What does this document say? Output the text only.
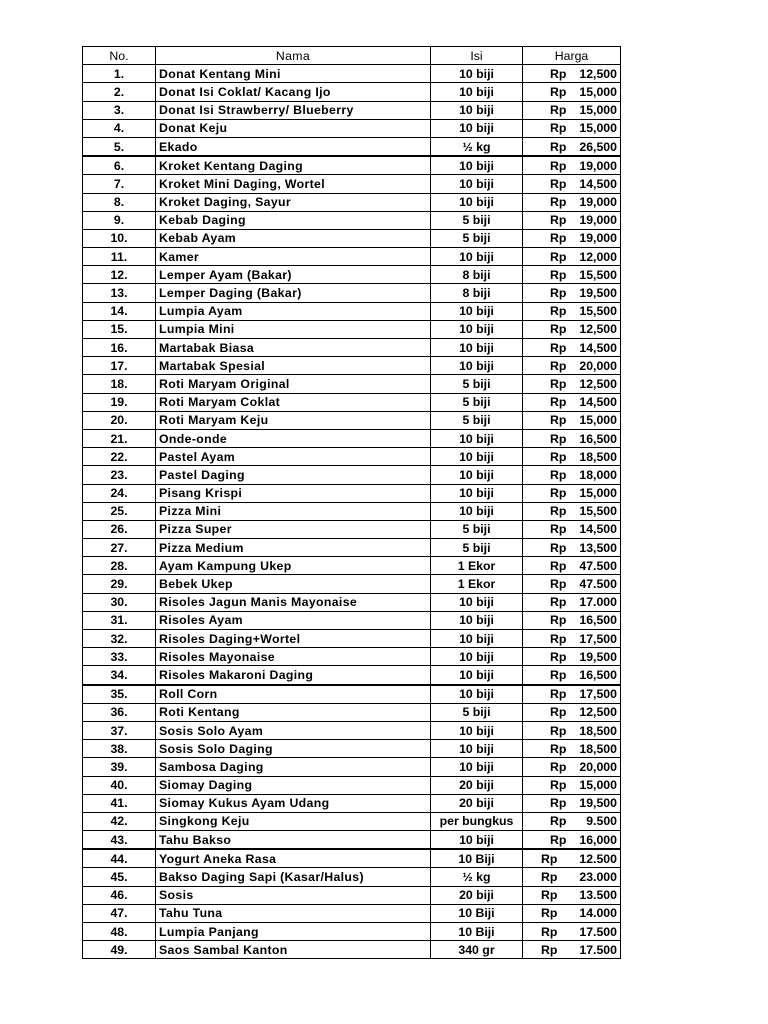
No.	Nama	Isi	Harga
1.	Donat Kentang Mini	10 biji	Rp 12,500

2.	Donat Isi Coklat/ Kacang Ijo	10 biji	Rp 15,000

3.	Donat Isi Strawberry/ Blueberry	10 biji	Rp 15,000

4.	Donat Keju	10 biji	Rp 15,000

5.	Ekado	½ kg	Rp 26,500

6.	Kroket Kentang Daging	10 biji	Rp 19,000

7.	Kroket Mini Daging, Wortel	10 biji	Rp 14,500

8.	Kroket Daging, Sayur	10 biji	Rp 19,000

9.	Kebab Daging	5 biji	Rp 19,000

10.	Kebab Ayam	5 biji	Rp 19,000

11.	Kamer	10 biji	Rp 12,000

12.	Lemper Ayam (Bakar)	8 biji	Rp 15,500

13.	Lemper Daging (Bakar)	8 biji	Rp 19,500

14.	Lumpia Ayam	10 biji	Rp 15,500

15.	Lumpia Mini	10 biji	Rp 12,500

16.	Martabak Biasa	10 biji	Rp 14,500

17.	Martabak Spesial	10 biji	Rp 20,000

18.	Roti Maryam Original	5 biji	Rp 12,500

19.	Roti Maryam Coklat	5 biji	Rp 14,500

20.	Roti Maryam Keju	5 biji	Rp 15,000

21.	Onde-onde	10 biji	Rp 16,500

22.	Pastel Ayam	10 biji	Rp 18,500

23.	Pastel Daging	10 biji	Rp 18,000

24.	Pisang Krispi	10 biji	Rp 15,000

25.	Pizza Mini	10 biji	Rp 15,500

26.	Pizza Super	5 biji	Rp 14,500

27.	Pizza Medium	5 biji	Rp 13,500

28.	Ayam Kampung Ukep	1 Ekor	Rp 47.500

29.	Bebek Ukep	1 Ekor	Rp 47.500

30.	Risoles Jagun Manis Mayonaise	10 biji	Rp 17.000

31.	Risoles Ayam	10 biji	Rp 16,500

32.	Risoles Daging+Wortel	10 biji	Rp 17,500

33.	Risoles Mayonaise	10 biji	Rp 19,500

34.	Risoles Makaroni Daging	10 biji	Rp 16,500

35.	Roll Corn	10 biji	Rp 17,500

36.	Roti Kentang	5 biji	Rp 12,500

37.	Sosis Solo Ayam	10 biji	Rp 18,500

38.	Sosis Solo Daging	10 biji	Rp 18,500

39.	Sambosa Daging	10 biji	Rp 20,000

40.	Siomay Daging	20 biji	Rp 15,000

41.	Siomay Kukus Ayam Udang	20 biji	Rp 19,500

42.	Singkong Keju	per bungkus	Rp 9.500

43.	Tahu Bakso	10 biji	Rp 16,000

44.	Yogurt Aneka Rasa	10 Biji	Rp 12.500

45.	Bakso Daging Sapi (Kasar/Halus)	½ kg	Rp 23.000

46.	Sosis	20 biji	Rp 13.500

47.	Tahu Tuna	10 Biji	Rp 14.000

48.	Lumpia Panjang	10 Biji	Rp 17.500

49.	Saos Sambal Kanton	340 gr	Rp 17.500
